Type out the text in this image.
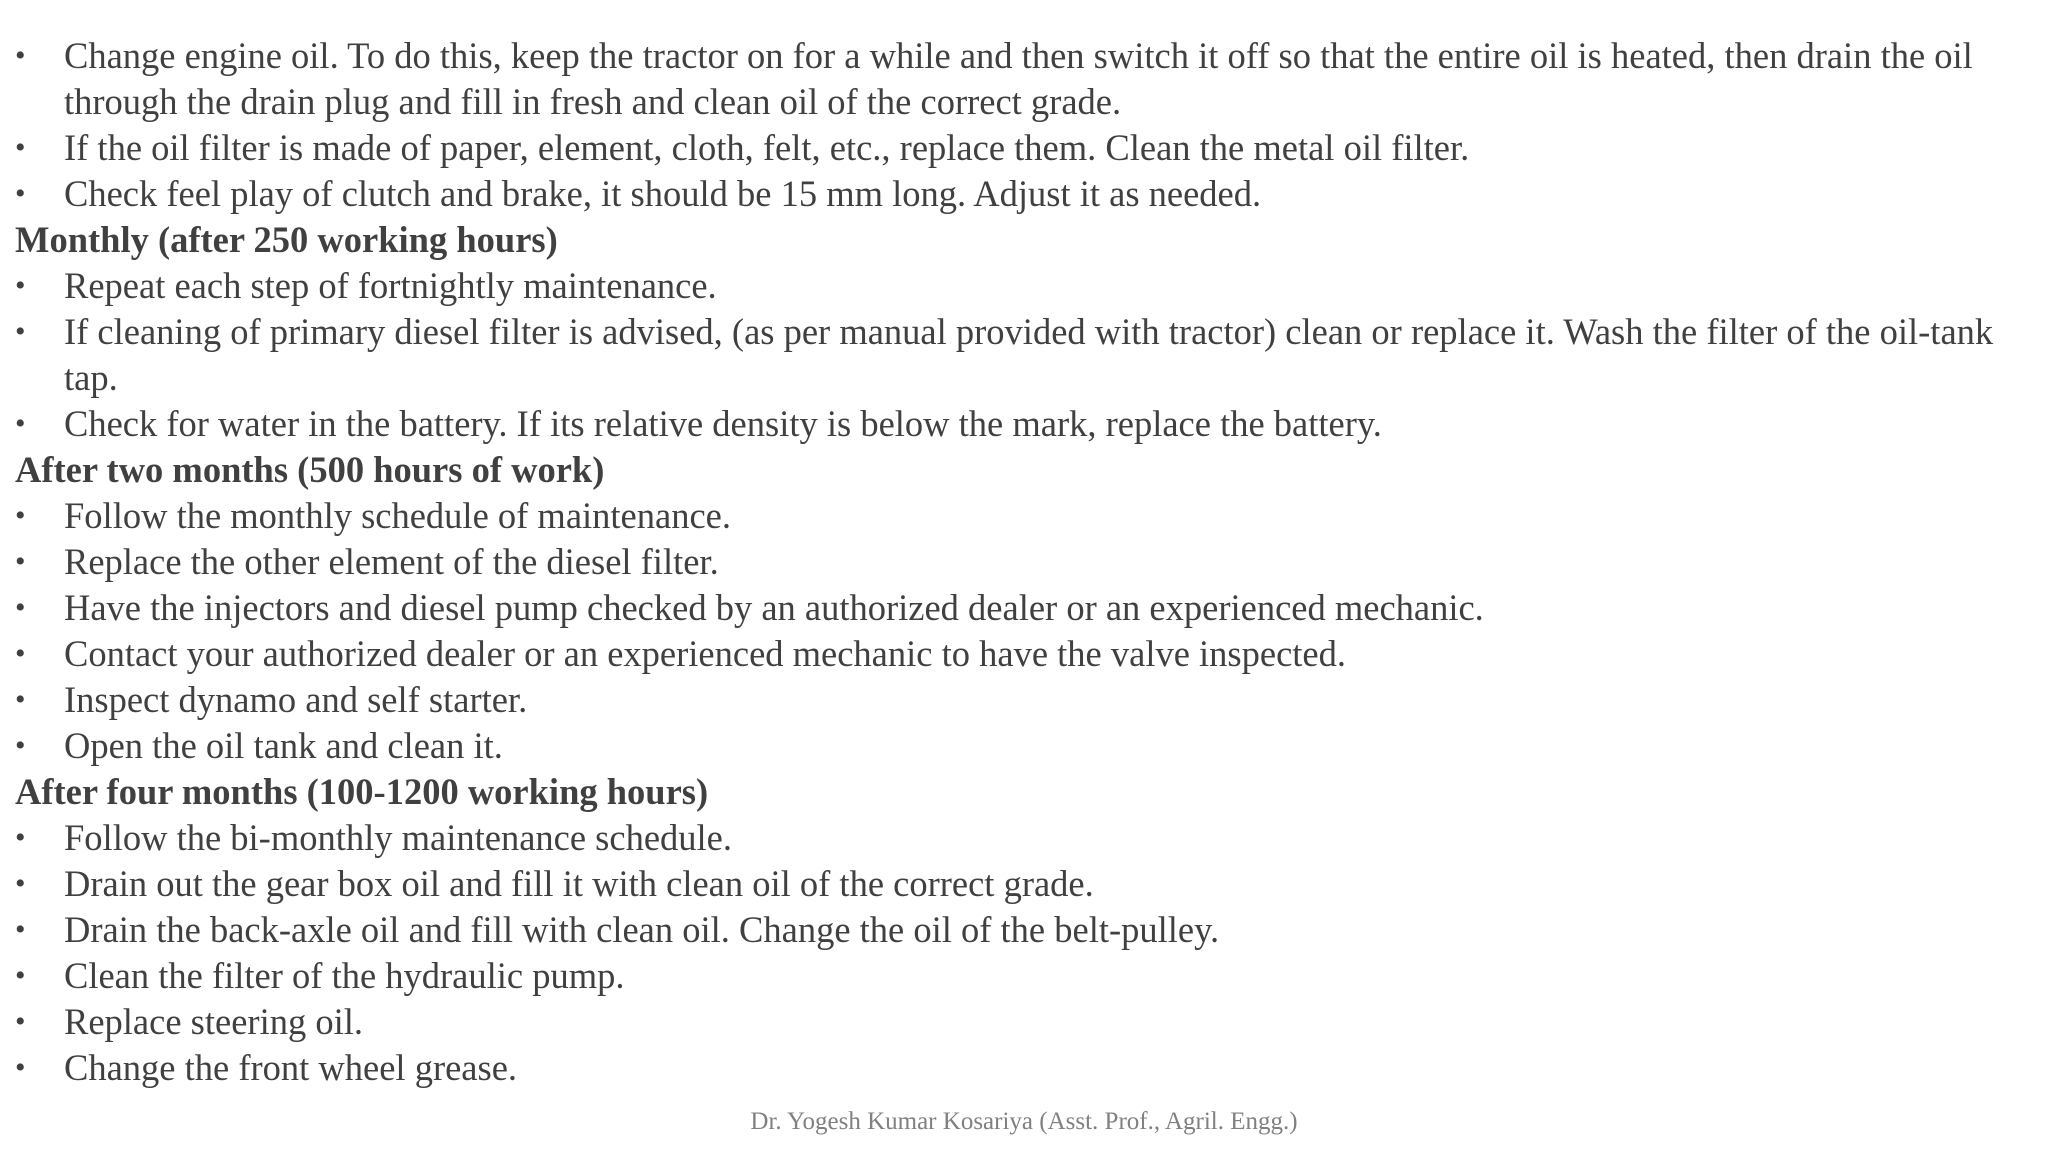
• Change engine oil. To do this, keep the tractor on for a while and then switch it off so that the entire oil is heated, then drain the oil through the drain plug and fill in fresh and clean oil of the correct grade.
• If the oil filter is made of paper, element, cloth, felt, etc., replace them. Clean the metal oil filter.
• Check feel play of clutch and brake, it should be 15 mm long. Adjust it as needed.
Monthly (after 250 working hours)
• Repeat each step of fortnightly maintenance.
• If cleaning of primary diesel filter is advised, (as per manual provided with tractor) clean or replace it. Wash the filter of the oil-tank tap.
• Check for water in the battery. If its relative density is below the mark, replace the battery.
After two months (500 hours of work)
• Follow the monthly schedule of maintenance.
• Replace the other element of the diesel filter.
• Have the injectors and diesel pump checked by an authorized dealer or an experienced mechanic.
• Contact your authorized dealer or an experienced mechanic to have the valve inspected.
• Inspect dynamo and self starter.
• Open the oil tank and clean it.
After four months (100-1200 working hours)
• Follow the bi-monthly maintenance schedule.
• Drain out the gear box oil and fill it with clean oil of the correct grade.
• Drain the back-axle oil and fill with clean oil. Change the oil of the belt-pulley.
• Clean the filter of the hydraulic pump.
• Replace steering oil.
• Change the front wheel grease.
Dr. Yogesh Kumar Kosariya (Asst. Prof., Agril. Engg.)
